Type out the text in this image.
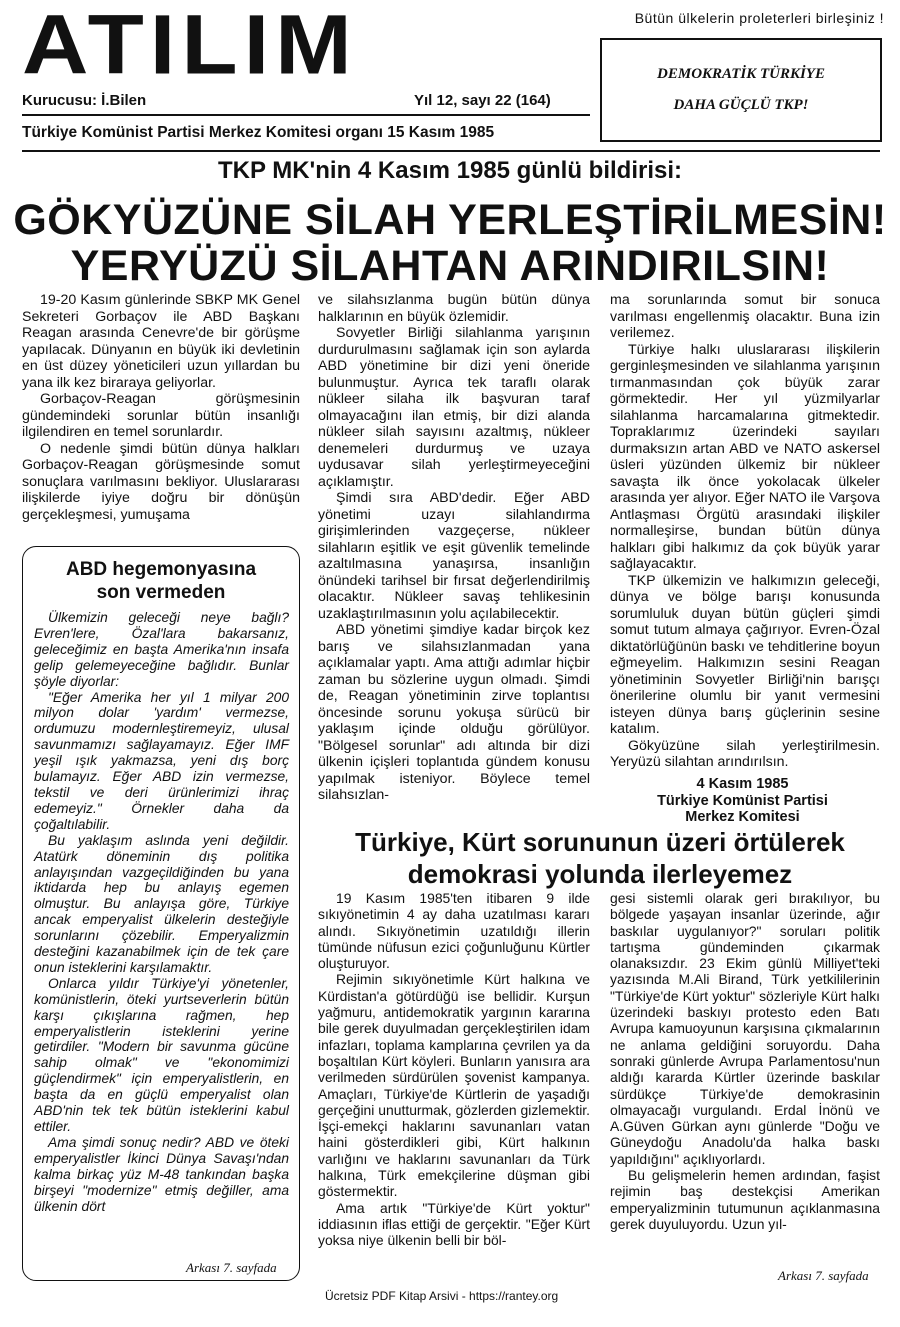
ATILIM	Bütün ülkelerin proleterleri birleşiniz !
DEMOKRATİK TÜRKİYE
DAHA GÜÇLÜ TKP!
Kurucusu: İ.Bilen	Yıl 12, sayı 22 (164)
Türkiye Komünist Partisi Merkez Komitesi organı 15 Kasım 1985
TKP MK'nin 4 Kasım 1985 günlü bildirisi:
GÖKYÜZÜNE SİLAH YERLEŞTİRİLMESİN!
YERYÜZÜ SİLAHTAN ARINDIRILSIN!

19-20 Kasım günlerinde SBKP MK Genel Sekreteri Gorbaçov ile ABD Başkanı Reagan arasında Cenevre'de bir görüşme yapılacak. Dünyanın en büyük iki devletinin en üst düzey yöneticileri uzun yıllardan bu yana ilk kez biraraya geliyorlar.

Gorbaçov-Reagan görüşmesinin gündemindeki sorunlar bütün insanlığı ilgilendiren en temel sorunlardır.

O nedenle şimdi bütün dünya halkları Gorbaçov-Reagan görüşmesinde somut sonuçlara varılmasını bekliyor. Uluslararası ilişkilerde iyiye doğru bir dönüşün gerçekleşmesi, yumuşama

ve silahsızlanma bugün bütün dünya halklarının en büyük özlemidir.

Sovyetler Birliği silahlanma yarışının durdurulmasını sağlamak için son aylarda ABD yönetimine bir dizi yeni öneride bulunmuştur. Ayrıca tek taraflı olarak nükleer silaha ilk başvuran taraf olmayacağını ilan etmiş, bir dizi alanda nükleer silah sayısını azaltmış, nükleer denemeleri durdurmuş ve uzaya uydusavar silah yerleştirmeyeceğini açıklamıştır.

Şimdi sıra ABD'dedir. Eğer ABD yönetimi uzayı silahlandırma girişimlerinden vazgeçerse, nükleer silahların eşitlik ve eşit güvenlik temelinde azaltılmasına yanaşırsa, insanlığın önündeki tarihsel bir fırsat değerlendirilmiş olacaktır. Nükleer savaş tehlikesinin uzaklaştırılmasının yolu açılabilecektir.

ABD yönetimi şimdiye kadar birçok kez barış ve silahsızlanmadan yana açıklamalar yaptı. Ama attığı adımlar hiçbir zaman bu sözlerine uygun olmadı. Şimdi de, Reagan yönetiminin zirve toplantısı öncesinde sorunu yokuşa sürücü bir yaklaşım içinde olduğu görülüyor. "Bölgesel sorunlar" adı altında bir dizi ülkenin içişleri toplantıda gündem konusu yapılmak isteniyor. Böylece temel silahsızlan-

ma sorunlarında somut bir sonuca varılması engellenmiş olacaktır. Buna izin verilemez.

Türkiye halkı uluslararası ilişkilerin gerginleşmesinden ve silahlanma yarışının tırmanmasından çok büyük zarar görmektedir. Her yıl yüzmilyarlar silahlanma harcamalarına gitmektedir. Topraklarımız üzerindeki sayıları durmaksızın artan ABD ve NATO askersel üsleri yüzünden ülkemiz bir nükleer savaşta ilk önce yokolacak ülkeler arasında yer alıyor. Eğer NATO ile Varşova Antlaşması Örgütü arasındaki ilişkiler normalleşirse, bundan bütün dünya halkları gibi halkımız da çok büyük yarar sağlayacaktır.

TKP ülkemizin ve halkımızın geleceği, dünya ve bölge barışı konusunda sorumluluk duyan bütün güçleri şimdi somut tutum almaya çağırıyor. Evren-Özal diktatörlüğünün baskı ve tehditlerine boyun eğmeyelim. Halkımızın sesini Reagan yönetiminin Sovyetler Birliği'nin barışçı önerilerine olumlu bir yanıt vermesini isteyen dünya barış güçlerinin sesine katalım.

Gökyüzüne silah yerleştirilmesin. Yeryüzü silahtan arındırılsın.

4 Kasım 1985
Türkiye Komünist Partisi
Merkez Komitesi
ABD hegemonyasına
son vermeden

Ülkemizin geleceği neye bağlı? Evren'lere, Özal'lara bakarsanız, geleceğimiz en başta Amerika'nın insafa gelip gelemeyeceğine bağlıdır. Bunlar şöyle diyorlar:

"Eğer Amerika her yıl 1 milyar 200 milyon dolar 'yardım' vermezse, ordumuzu modernleştiremeyiz, ulusal savunmamızı sağlayamayız. Eğer IMF yeşil ışık yakmazsa, yeni dış borç bulamayız. Eğer ABD izin vermezse, tekstil ve deri ürünlerimizi ihraç edemeyiz." Örnekler daha da çoğaltılabilir.

Bu yaklaşım aslında yeni değildir. Atatürk döneminin dış politika anlayışından vazgeçildiğinden bu yana iktidarda hep bu anlayış egemen olmuştur. Bu anlayışa göre, Türkiye ancak emperyalist ülkelerin desteğiyle sorunlarını çözebilir. Emperyalizmin desteğini kazanabilmek için de tek çare onun isteklerini karşılamaktır.

Onlarca yıldır Türkiye'yi yönetenler, komünistlerin, öteki yurtseverlerin bütün karşı çıkışlarına rağmen, hep emperyalistlerin isteklerini yerine getirdiler. "Modern bir savunma gücüne sahip olmak" ve "ekonomimizi güçlendirmek" için emperyalistlerin, en başta da en güçlü emperyalist olan ABD'nin tek tek bütün isteklerini kabul ettiler.

Ama şimdi sonuç nedir? ABD ve öteki emperyalistler İkinci Dünya Savaşı'ndan kalma birkaç yüz M-48 tankından başka birşeyi "modernize" etmiş değiller, ama ülkenin dört

Arkası 7. sayfada
Türkiye, Kürt sorununun üzeri örtülerek
demokrasi yolunda ilerleyemez

19 Kasım 1985'ten itibaren 9 ilde sıkıyönetimin 4 ay daha uzatılması kararı alındı. Sıkıyönetimin uzatıldığı illerin tümünde nüfusun ezici çoğunluğunu Kürtler oluşturuyor.

Rejimin sıkıyönetimle Kürt halkına ve Kürdistan'a götürdüğü ise bellidir. Kurşun yağmuru, antidemokratik yargının kararına bile gerek duyulmadan gerçekleştirilen idam infazları, toplama kamplarına çevrilen ya da boşaltılan Kürt köyleri. Bunların yanısıra ara verilmeden sürdürülen şovenist kampanya. Amaçları, Türkiye'de Kürtlerin de yaşadığı gerçeğini unutturmak, gözlerden gizlemektir. İşçi-emekçi haklarını savunanları vatan haini gösterdikleri gibi, Kürt halkının varlığını ve haklarını savunanları da Türk halkına, Türk emekçilerine düşman gibi göstermektir.

Ama artık "Türkiye'de Kürt yoktur" iddiasının iflas ettiği de gerçektir. "Eğer Kürt yoksa niye ülkenin belli bir böl-

gesi sistemli olarak geri bırakılıyor, bu bölgede yaşayan insanlar üzerinde, ağır baskılar uygulanıyor?" soruları politik tartışma gündeminden çıkarmak olanaksızdır. 23 Ekim günlü Milliyet'teki yazısında M.Ali Birand, Türk yetkililerinin "Türkiye'de Kürt yoktur" sözleriyle Kürt halkı üzerindeki baskıyı protesto eden Batı Avrupa kamuoyunun karşısına çıkmalarının ne anlama geldiğini soruyordu. Daha sonraki günlerde Avrupa Parlamentosu'nun aldığı kararda Kürtler üzerinde baskılar sürdükçe Türkiye'de demokrasinin olmayacağı vurgulandı. Erdal İnönü ve A.Güven Gürkan aynı günlerde "Doğu ve Güneydoğu Anadolu'da halka baskı yapıldığını" açıklıyorlardı.

Bu gelişmelerin hemen ardından, faşist rejimin baş destekçisi Amerikan emperyalizminin tutumunun açıklanmasına gerek duyuluyordu. Uzun yıl-

Arkası 7. sayfada
Ücretsiz PDF Kitap Arsivi - https://rantey.org
